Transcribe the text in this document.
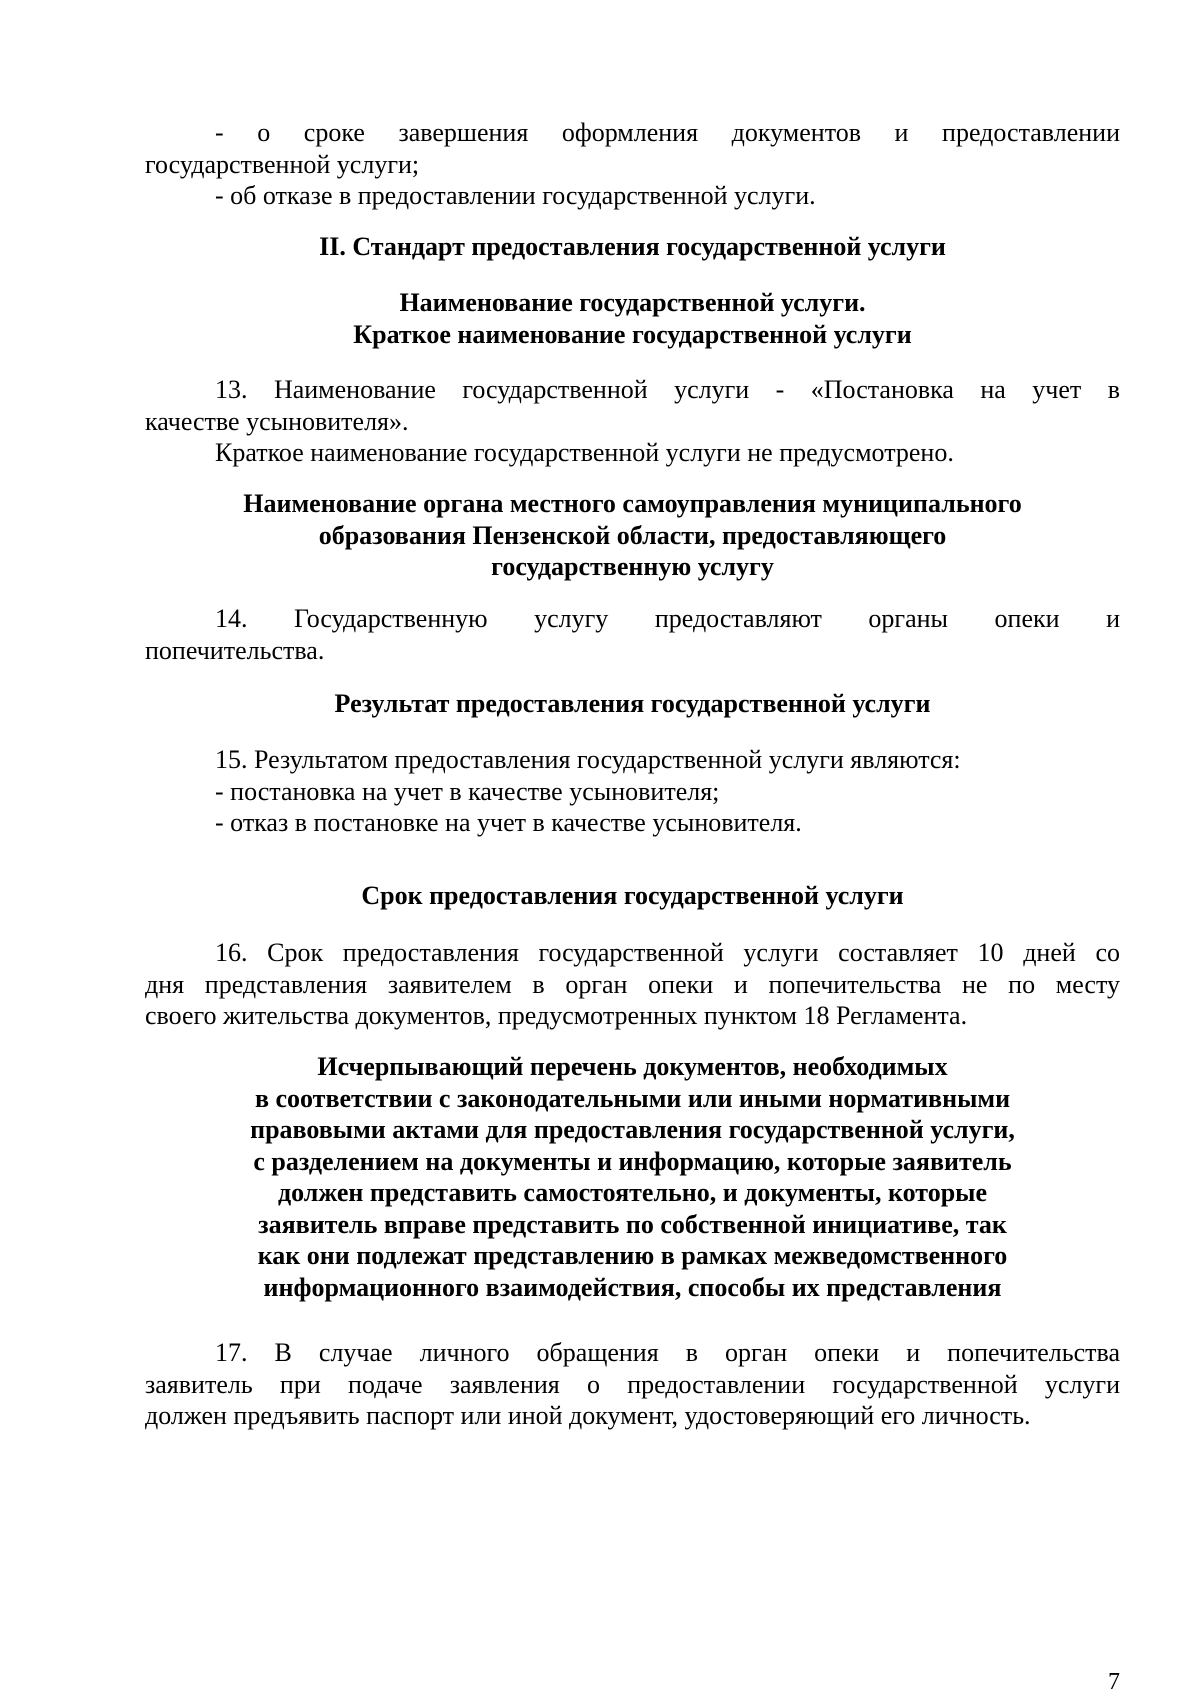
- о сроке завершения оформления документов и предоставлении
государственной услуги;
- об отказе в предоставлении государственной услуги.
II. Стандарт предоставления государственной услуги
Наименование государственной услуги.
Краткое наименование государственной услуги
13. Наименование государственной услуги - «Постановка на учет в
качестве усыновителя».
Краткое наименование государственной услуги не предусмотрено.
Наименование органа местного самоуправления муниципального
образования Пензенской области, предоставляющего
государственную услугу
14. Государственную услугу предоставляют органы опеки и
попечительства.
Результат предоставления государственной услуги
15. Результатом предоставления государственной услуги являются:
- постановка на учет в качестве усыновителя;
- отказ в постановке на учет в качестве усыновителя.
Срок предоставления государственной услуги
16. Срок предоставления государственной услуги составляет 10 дней со
дня представления заявителем в орган опеки и попечительства не по месту
своего жительства документов, предусмотренных пунктом 18 Регламента.
Исчерпывающий перечень документов, необходимых
в соответствии с законодательными или иными нормативными
правовыми актами для предоставления государственной услуги,
с разделением на документы и информацию, которые заявитель
должен представить самостоятельно, и документы, которые
заявитель вправе представить по собственной инициативе, так
как они подлежат представлению в рамках межведомственного
информационного взаимодействия, способы их представления
17. В случае личного обращения в орган опеки и попечительства
заявитель при подаче заявления о предоставлении государственной услуги
должен предъявить паспорт или иной документ, удостоверяющий его личность.
7
